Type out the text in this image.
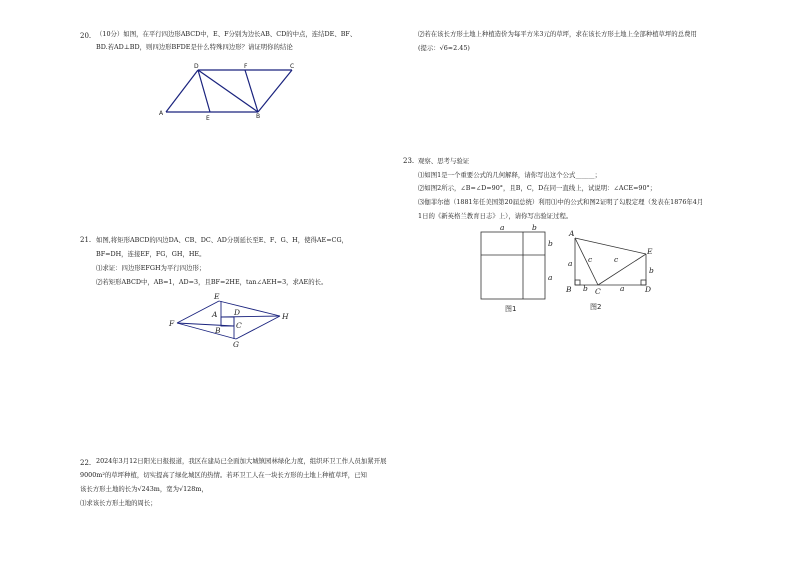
20. （10分）如图，在平行四边形ABCD中，E、F分别为边长AB、CD的中点，连结DE、BF、
BD.若AD⊥BD，则四边形BFDE是什么特殊四边形？请证明你的结论
D	F	C
A
E	B
21. 如图,将矩形ABCD的四边DA、CB、DC、AD分别延长至E、F、G、H，使得AE=CG，
BF=DH，连接EF，FG，GH，HE。
⑴求证：四边形EFGH为平行四边形；
⑵若矩形ABCD中，AB=1，AD=3，且BF=2HE，tan∠AEH=3，求AE的长。
E
A D
F
H
B
C
G
22. 2024年3月12日阳光日报报道，我区在建局已全面加大城镇园林绿化力度，组织环卫工作人员加紧开展
9000m²的草坪种植，切实提高了绿化城区的热情。若环卫工人在一块长方形的土地上种植草坪，已知
该长方形土地的长为√243m，宽为√128m，
⑴求该长方形土地的周长；
⑵若在该长方形土地上种植造价为每平方米3元的草坪，求在该长方形土地上全部种植草坪的总费用
(提示：√6≈2.45)
23. 观察、思考与验证
⑴如图1是一个重要公式的几何解释，请你写出这个公式______；
⑵如图2所示，∠B=∠D=90°，且B，C，D在同一直线上，试说明：∠ACE=90°；
⑶伽菲尔德（1881年任美国第20届总统）利用⑴中的公式和图2证明了勾股定理（发表在1876年4月
1日的《新英格兰教育日志》上），请你写出验证过程。
a	b
b
a
图1
A
E
B	C	D
a
b
c	c
b
a
图2
